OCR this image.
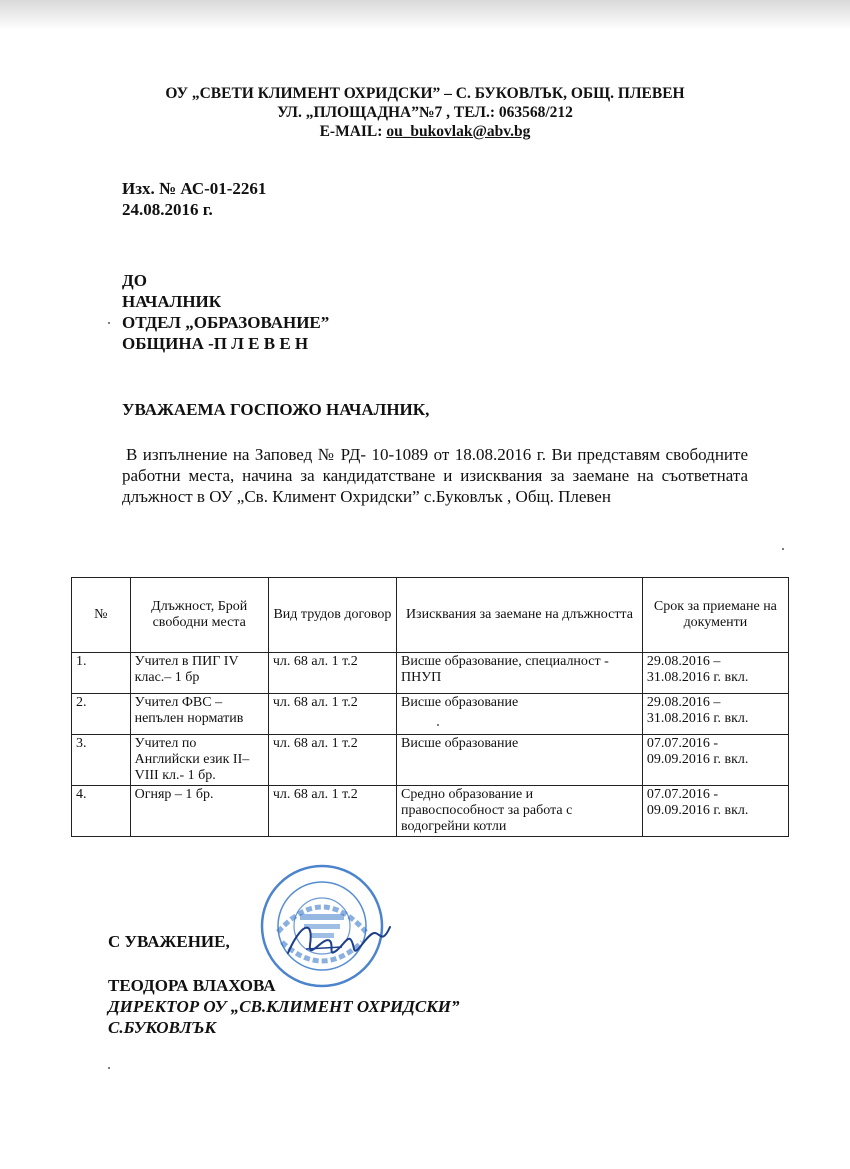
ОУ „СВЕТИ КЛИМЕНТ ОХРИДСКИ” – С. БУКОВЛЪК, ОБЩ. ПЛЕВЕН
УЛ. „ПЛОЩАДНА”№7 , ТЕЛ.: 063568/212
E-MAIL: ou_bukovlak@abv.bg
Изх. № АС-01-2261
24.08.2016 г.
ДО
НАЧАЛНИК
ОТДЕЛ „ОБРАЗОВАНИЕ”
ОБЩИНА -П Л Е В Е Н
УВАЖАЕМА ГОСПОЖО НАЧАЛНИК,
В изпълнение на Заповед № РД- 10-1089 от 18.08.2016 г. Ви представям свободните работни места, начина за кандидатстване и изисквания за заемане на съответната длъжност в ОУ „Св. Климент Охридски” с.Буковлък , Общ. Плевен
№	Длъжност, Брой свободни места	Вид трудов договор	Изисквания за заемане на длъжността	Срок за приемане на документи
1.	Учител в ПИГ IV клас.– 1 бр	чл. 68 ал. 1 т.2	Висше образование, специалност - ПНУП	29.08.2016 – 31.08.2016 г. вкл.
2.	Учител ФВС – непълен норматив	чл. 68 ал. 1 т.2	Висше образование	29.08.2016 – 31.08.2016 г. вкл.
3.	Учител по Английски език II–VIII кл.- 1 бр.	чл. 68 ал. 1 т.2	Висше образование	07.07.2016 - 09.09.2016 г. вкл.
4.	Огняр – 1 бр.	чл. 68 ал. 1 т.2	Средно образование и правоспособност за работа с водогрейни котли	07.07.2016 - 09.09.2016 г. вкл.
С УВАЖЕНИЕ,
ТЕОДОРА ВЛАХОВА
ДИРЕКТОР ОУ „СВ.КЛИМЕНТ ОХРИДСКИ”
С.БУКОВЛЪК
